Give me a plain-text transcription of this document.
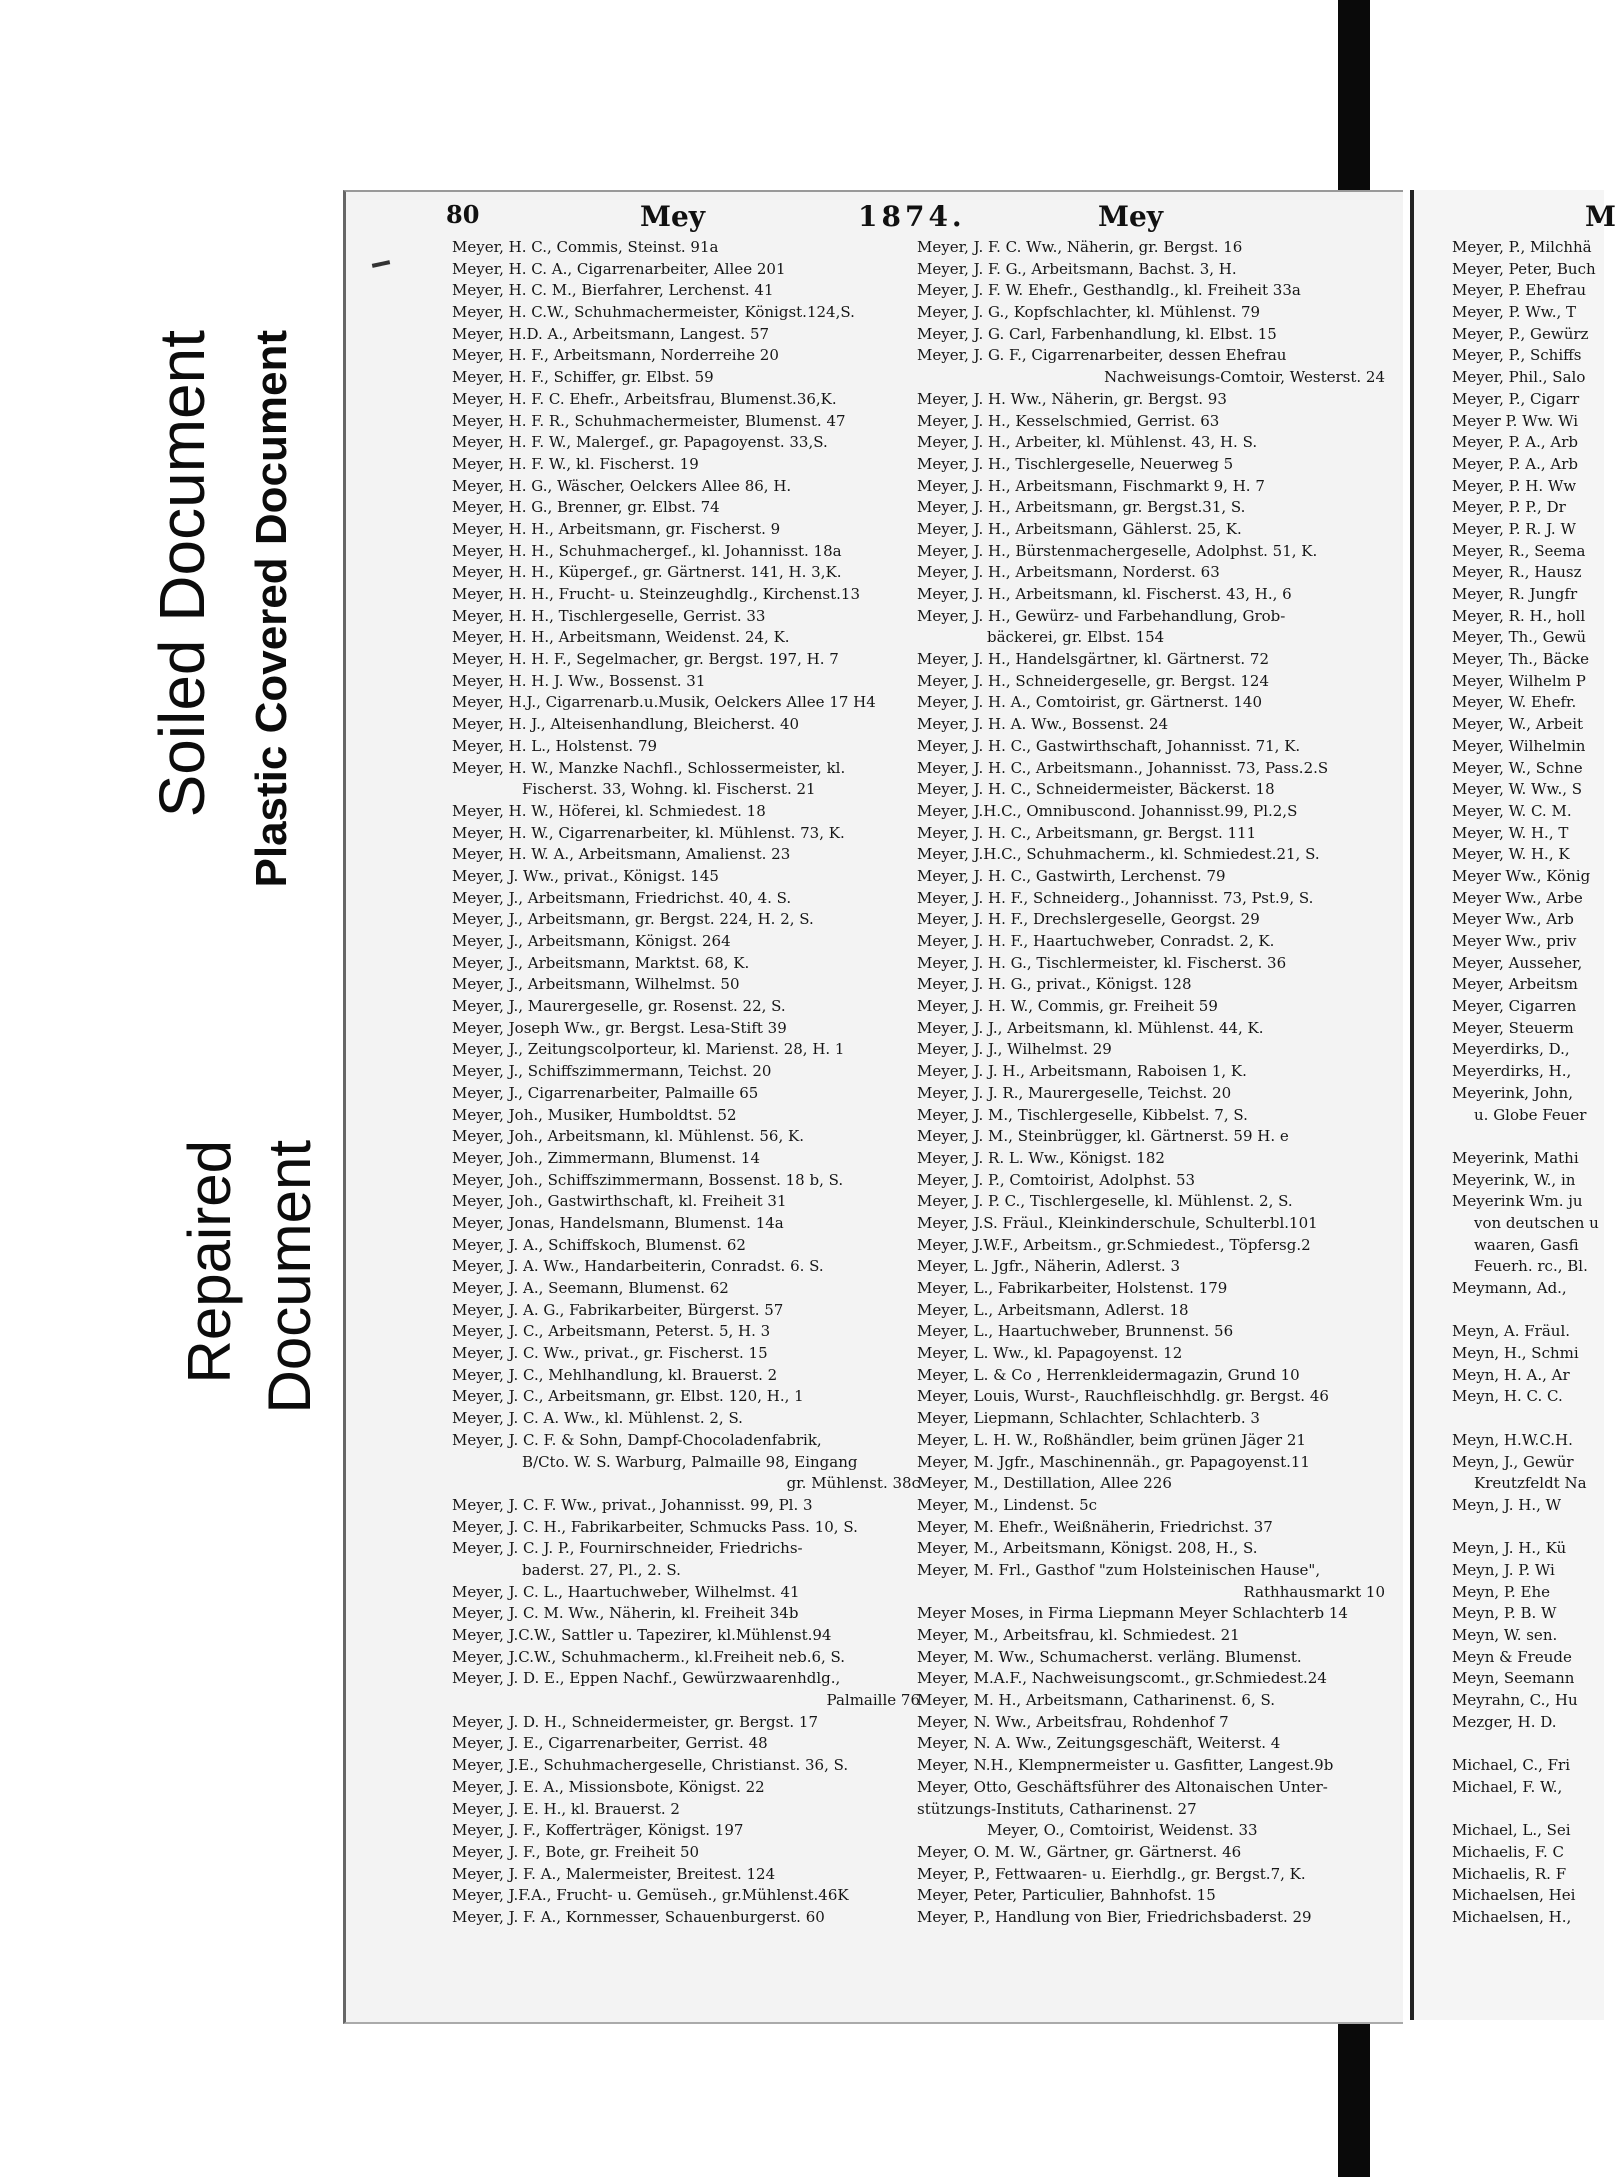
Soiled Document Plastic Covered Document
Repaired Document
80	Mey	1874.	Mey	M
Meyer, H. C., Commis, Steinst. 91a
Meyer, H. C. A., Cigarrenarbeiter, Allee 201
Meyer, H. C. M., Bierfahrer, Lerchenst. 41
Meyer, H. C.W., Schuhmachermeister, Königst.124,S.
Meyer, H.D. A., Arbeitsmann, Langest. 57
Meyer, H. F., Arbeitsmann, Norderreihe 20
Meyer, H. F., Schiffer, gr. Elbst. 59
Meyer, H. F. C. Ehefr., Arbeitsfrau, Blumenst.36,K.
Meyer, H. F. R., Schuhmachermeister, Blumenst. 47
Meyer, H. F. W., Malergef., gr. Papagoyenst. 33,S.
Meyer, H. F. W., kl. Fischerst. 19
Meyer, H. G., Wäscher, Oelckers Allee 86, H.
Meyer, H. G., Brenner, gr. Elbst. 74
Meyer, H. H., Arbeitsmann, gr. Fischerst. 9
Meyer, H. H., Schuhmachergef., kl. Johannisst. 18a
Meyer, H. H., Küpergef., gr. Gärtnerst. 141, H. 3,K.
Meyer, H. H., Frucht- u. Steinzeughdlg., Kirchenst.13
Meyer, H. H., Tischlergeselle, Gerrist. 33
Meyer, H. H., Arbeitsmann, Weidenst. 24, K.
Meyer, H. H. F., Segelmacher, gr. Bergst. 197, H. 7
Meyer, H. H. J. Ww., Bossenst. 31
Meyer, H.J., Cigarrenarb.u.Musik, Oelckers Allee 17 H4
Meyer, H. J., Alteisenhandlung, Bleicherst. 40
Meyer, H. L., Holstenst. 79
Meyer, H. W., Manzke Nachfl., Schlossermeister, kl.
Fischerst. 33, Wohng. kl. Fischerst. 21
Meyer, H. W., Höferei, kl. Schmiedest. 18
Meyer, H. W., Cigarrenarbeiter, kl. Mühlenst. 73, K.
Meyer, H. W. A., Arbeitsmann, Amalienst. 23
Meyer, J. Ww., privat., Königst. 145
Meyer, J., Arbeitsmann, Friedrichst. 40, 4. S.
Meyer, J., Arbeitsmann, gr. Bergst. 224, H. 2, S.
Meyer, J., Arbeitsmann, Königst. 264
Meyer, J., Arbeitsmann, Marktst. 68, K.
Meyer, J., Arbeitsmann, Wilhelmst. 50
Meyer, J., Maurergeselle, gr. Rosenst. 22, S.
Meyer, Joseph Ww., gr. Bergst. Lesa-Stift 39
Meyer, J., Zeitungscolporteur, kl. Marienst. 28, H. 1
Meyer, J., Schiffszimmermann, Teichst. 20
Meyer, J., Cigarrenarbeiter, Palmaille 65
Meyer, Joh., Musiker, Humboldtst. 52
Meyer, Joh., Arbeitsmann, kl. Mühlenst. 56, K.
Meyer, Joh., Zimmermann, Blumenst. 14
Meyer, Joh., Schiffszimmermann, Bossenst. 18 b, S.
Meyer, Joh., Gastwirthschaft, kl. Freiheit 31
Meyer, Jonas, Handelsmann, Blumenst. 14a
Meyer, J. A., Schiffskoch, Blumenst. 62
Meyer, J. A. Ww., Handarbeiterin, Conradst. 6. S.
Meyer, J. A., Seemann, Blumenst. 62
Meyer, J. A. G., Fabrikarbeiter, Bürgerst. 57
Meyer, J. C., Arbeitsmann, Peterst. 5, H. 3
Meyer, J. C. Ww., privat., gr. Fischerst. 15
Meyer, J. C., Mehlhandlung, kl. Brauerst. 2
Meyer, J. C., Arbeitsmann, gr. Elbst. 120, H., 1
Meyer, J. C. A. Ww., kl. Mühlenst. 2, S.
Meyer, J. C. F. & Sohn, Dampf-Chocoladenfabrik,
B/Cto. W. S. Warburg, Palmaille 98, Eingang
gr. Mühlenst. 38c
Meyer, J. C. F. Ww., privat., Johannisst. 99, Pl. 3
Meyer, J. C. H., Fabrikarbeiter, Schmucks Pass. 10, S.
Meyer, J. C. J. P., Fournirschneider, Friedrichs-
baderst. 27, Pl., 2. S.
Meyer, J. C. L., Haartuchweber, Wilhelmst. 41
Meyer, J. C. M. Ww., Näherin, kl. Freiheit 34b
Meyer, J.C.W., Sattler u. Tapezirer, kl.Mühlenst.94
Meyer, J.C.W., Schuhmacherm., kl.Freiheit neb.6, S.
Meyer, J. D. E., Eppen Nachf., Gewürzwaarenhdlg.,
Palmaille 76
Meyer, J. D. H., Schneidermeister, gr. Bergst. 17
Meyer, J. E., Cigarrenarbeiter, Gerrist. 48
Meyer, J.E., Schuhmachergeselle, Christianst. 36, S.
Meyer, J. E. A., Missionsbote, Königst. 22
Meyer, J. E. H., kl. Brauerst. 2
Meyer, J. F., Kofferträger, Königst. 197
Meyer, J. F., Bote, gr. Freiheit 50
Meyer, J. F. A., Malermeister, Breitest. 124
Meyer, J.F.A., Frucht- u. Gemüseh., gr.Mühlenst.46K
Meyer, J. F. A., Kornmesser, Schauenburgerst. 60
Meyer, J. F. C. Ww., Näherin, gr. Bergst. 16
Meyer, J. F. G., Arbeitsmann, Bachst. 3, H.
Meyer, J. F. W. Ehefr., Gesthandlg., kl. Freiheit 33a
Meyer, J. G., Kopfschlachter, kl. Mühlenst. 79
Meyer, J. G. Carl, Farbenhandlung, kl. Elbst. 15
Meyer, J. G. F., Cigarrenarbeiter, dessen Ehefrau
Nachweisungs-Comtoir, Westerst. 24
Meyer, J. H. Ww., Näherin, gr. Bergst. 93
Meyer, J. H., Kesselschmied, Gerrist. 63
Meyer, J. H., Arbeiter, kl. Mühlenst. 43, H. S.
Meyer, J. H., Tischlergeselle, Neuerweg 5
Meyer, J. H., Arbeitsmann, Fischmarkt 9, H. 7
Meyer, J. H., Arbeitsmann, gr. Bergst.31, S.
Meyer, J. H., Arbeitsmann, Gählerst. 25, K.
Meyer, J. H., Bürstenmachergeselle, Adolphst. 51, K.
Meyer, J. H., Arbeitsmann, Norderst. 63
Meyer, J. H., Arbeitsmann, kl. Fischerst. 43, H., 6
Meyer, J. H., Gewürz- und Farbehandlung, Grob-
bäckerei, gr. Elbst. 154
Meyer, J. H., Handelsgärtner, kl. Gärtnerst. 72
Meyer, J. H., Schneidergeselle, gr. Bergst. 124
Meyer, J. H. A., Comtoirist, gr. Gärtnerst. 140
Meyer, J. H. A. Ww., Bossenst. 24
Meyer, J. H. C., Gastwirthschaft, Johannisst. 71, K.
Meyer, J. H. C., Arbeitsmann., Johannisst. 73, Pass.2.S
Meyer, J. H. C., Schneidermeister, Bäckerst. 18
Meyer, J.H.C., Omnibuscond. Johannisst.99, Pl.2,S
Meyer, J. H. C., Arbeitsmann, gr. Bergst. 111
Meyer, J.H.C., Schuhmacherm., kl. Schmiedest.21, S.
Meyer, J. H. C., Gastwirth, Lerchenst. 79
Meyer, J. H. F., Schneiderg., Johannisst. 73, Pst.9, S.
Meyer, J. H. F., Drechslergeselle, Georgst. 29
Meyer, J. H. F., Haartuchweber, Conradst. 2, K.
Meyer, J. H. G., Tischlermeister, kl. Fischerst. 36
Meyer, J. H. G., privat., Königst. 128
Meyer, J. H. W., Commis, gr. Freiheit 59
Meyer, J. J., Arbeitsmann, kl. Mühlenst. 44, K.
Meyer, J. J., Wilhelmst. 29
Meyer, J. J. H., Arbeitsmann, Raboisen 1, K.
Meyer, J. J. R., Maurergeselle, Teichst. 20
Meyer, J. M., Tischlergeselle, Kibbelst. 7, S.
Meyer, J. M., Steinbrügger, kl. Gärtnerst. 59 H. e
Meyer, J. R. L. Ww., Königst. 182
Meyer, J. P., Comtoirist, Adolphst. 53
Meyer, J. P. C., Tischlergeselle, kl. Mühlenst. 2, S.
Meyer, J.S. Fräul., Kleinkinderschule, Schulterbl.101
Meyer, J.W.F., Arbeitsm., gr.Schmiedest., Töpfersg.2
Meyer, L. Jgfr., Näherin, Adlerst. 3
Meyer, L., Fabrikarbeiter, Holstenst. 179
Meyer, L., Arbeitsmann, Adlerst. 18
Meyer, L., Haartuchweber, Brunnenst. 56
Meyer, L. Ww., kl. Papagoyenst. 12
Meyer, L. & Co , Herrenkleidermagazin, Grund 10
Meyer, Louis, Wurst-, Rauchfleischhdlg. gr. Bergst. 46
Meyer, Liepmann, Schlachter, Schlachterb. 3
Meyer, L. H. W., Roßhändler, beim grünen Jäger 21
Meyer, M. Jgfr., Maschinennäh., gr. Papagoyenst.11
Meyer, M., Destillation, Allee 226
Meyer, M., Lindenst. 5c
Meyer, M. Ehefr., Weißnäherin, Friedrichst. 37
Meyer, M., Arbeitsmann, Königst. 208, H., S.
Meyer, M. Frl., Gasthof "zum Holsteinischen Hause",
Rathhausmarkt 10
Meyer Moses, in Firma Liepmann Meyer Schlachterb 14
Meyer, M., Arbeitsfrau, kl. Schmiedest. 21
Meyer, M. Ww., Schumacherst. verläng. Blumenst.
Meyer, M.A.F., Nachweisungscomt., gr.Schmiedest.24
Meyer, M. H., Arbeitsmann, Catharinenst. 6, S.
Meyer, N. Ww., Arbeitsfrau, Rohdenhof 7
Meyer, N. A. Ww., Zeitungsgeschäft, Weiterst. 4
Meyer, N.H., Klempnermeister u. Gasfitter, Langest.9b
Meyer, Otto, Geschäftsführer des Altonaischen Unter-
stützungs-Instituts, Catharinenst. 27
Meyer, O., Comtoirist, Weidenst. 33
Meyer, O. M. W., Gärtner, gr. Gärtnerst. 46
Meyer, P., Fettwaaren- u. Eierhdlg., gr. Bergst.7, K.
Meyer, Peter, Particulier, Bahnhofst. 15
Meyer, P., Handlung von Bier, Friedrichsbaderst. 29
Meyer, P., Milchhä
Meyer, Peter, Buch
Meyer, P. Ehefrau
Meyer, P. Ww., T
Meyer, P., Gewürz
Meyer, P., Schiffs
Meyer, Phil., Salo
Meyer, P., Cigarr
Meyer P. Ww. Wi
Meyer, P. A., Arb
Meyer, P. A., Arb
Meyer, P. H. Ww
Meyer, P. P., Dr
Meyer, P. R. J. W
Meyer, R., Seema
Meyer, R., Hausz
Meyer, R. Jungfr
Meyer, R. H., holl
Meyer, Th., Gewü
Meyer, Th., Bäcke
Meyer, Wilhelm P
Meyer, W. Ehefr.
Meyer, W., Arbeit
Meyer, Wilhelmin
Meyer, W., Schne
Meyer, W. Ww., S
Meyer, W. C. M.
Meyer, W. H., T
Meyer, W. H., K
Meyer Ww., König
Meyer Ww., Arbe
Meyer Ww., Arb
Meyer Ww., priv
Meyer, Ausseher,
Meyer, Arbeitsm
Meyer, Cigarren
Meyer, Steuerm
Meyerdirks, D.,
Meyerdirks, H.,
Meyerink, John,
u. Globe Feuer
Meyerink, Mathi
Meyerink, W., in
Meyerink Wm. ju
von deutschen u
waaren, Gasfi
Feuerh. rc., Bl.
Meymann, Ad.,
Meyn, A. Fräul.
Meyn, H., Schmi
Meyn, H. A., Ar
Meyn, H. C. C.
Meyn, H.W.C.H.
Meyn, J., Gewür
Kreutzfeldt Na
Meyn, J. H., W
Meyn, J. H., Kü
Meyn, J. P. Wi
Meyn, P. Ehe
Meyn, P. B. W
Meyn, W. sen.
Meyn & Freude
Meyn, Seemann
Meyrahn, C., Hu
Mezger, H. D.
Michael, C., Fri
Michael, F. W.,
Michael, L., Sei
Michaelis, F. C
Michaelis, R. F
Michaelsen, Hei
Michaelsen, H.,
